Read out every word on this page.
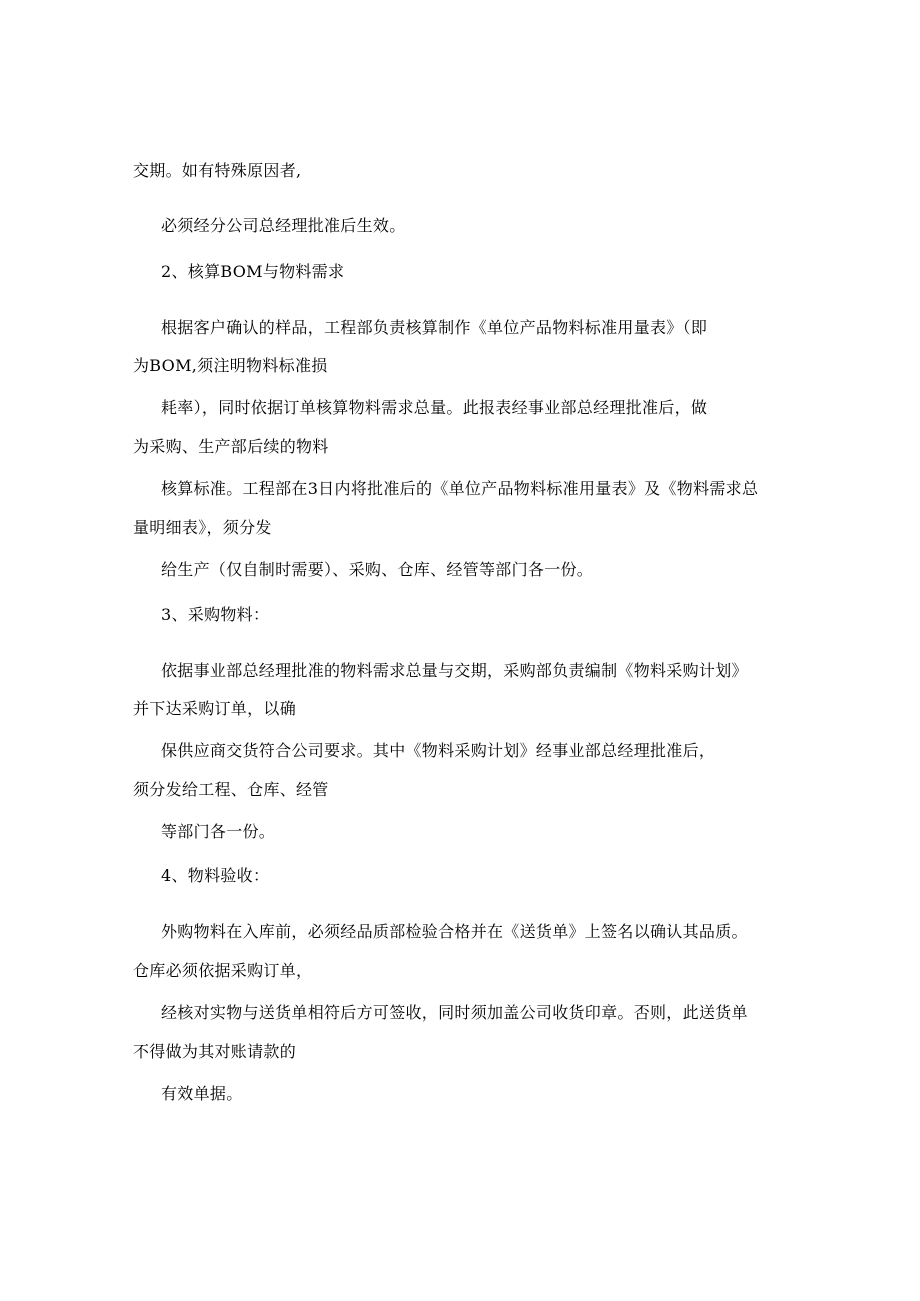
交期。如有特殊原因者,
必须经分公司总经理批准后生效。
2、核算BOM与物料需求
根据客户确认的样品，工程部负责核算制作《单位产品物料标准用量表》（即
为BOM,须注明物料标准损
耗率），同时依据订单核算物料需求总量。此报表经事业部总经理批准后，做
为采购、生产部后续的物料
核算标准。工程部在3日内将批准后的《单位产品物料标准用量表》及《物料需求总
量明细表》，须分发
给生产（仅自制时需要）、采购、仓库、经管等部门各一份。
3、采购物料：
依据事业部总经理批准的物料需求总量与交期，采购部负责编制《物料采购计划》
并下达采购订单，以确
保供应商交货符合公司要求。其中《物料采购计划》经事业部总经理批准后，
须分发给工程、仓库、经管
等部门各一份。
4、物料验收：
外购物料在入库前，必须经品质部检验合格并在《送货单》上签名以确认其品质。
仓库必须依据采购订单，
经核对实物与送货单相符后方可签收，同时须加盖公司收货印章。否则，此送货单
不得做为其对账请款的
有效单据。
